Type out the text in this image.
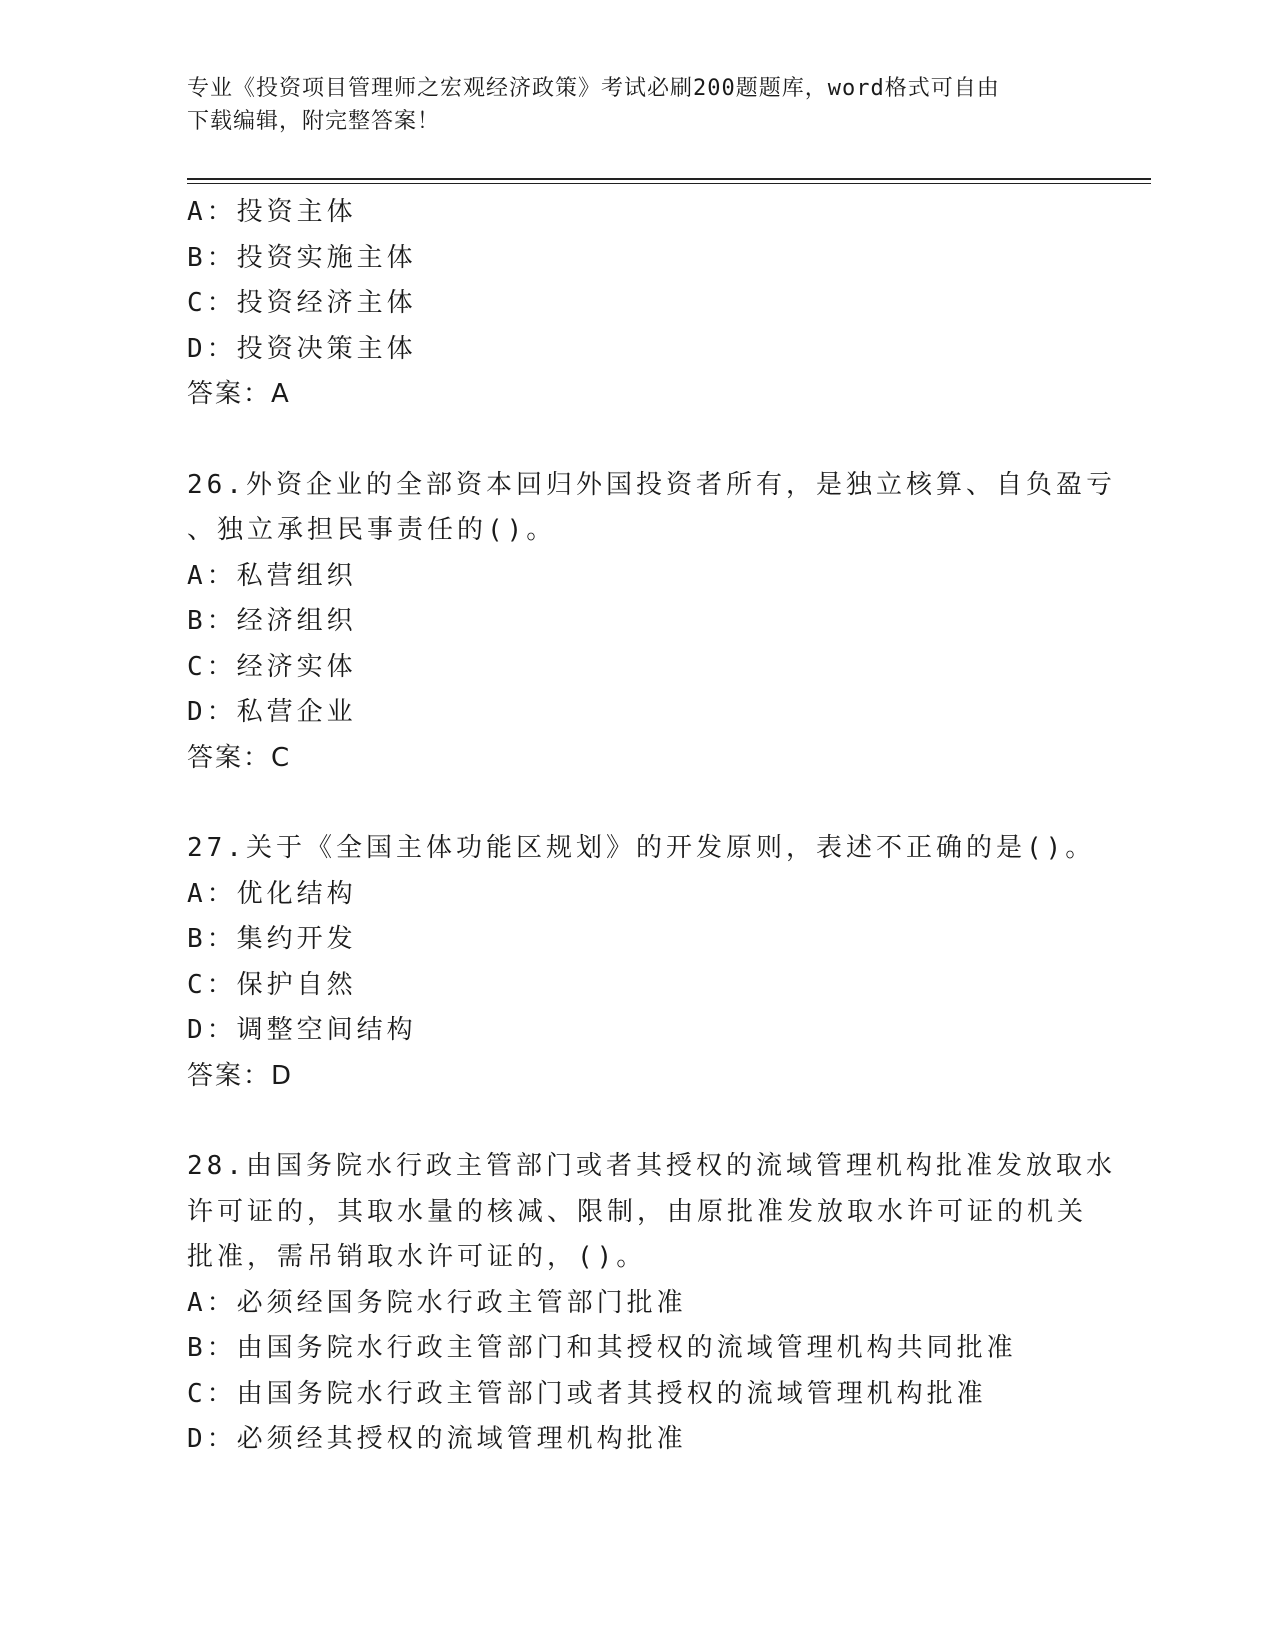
专业《投资项目管理师之宏观经济政策》考试必刷200题题库，word格式可自由
下载编辑，附完整答案！
A：投资主体
B：投资实施主体
C：投资经济主体
D：投资决策主体
答案：A
26.外资企业的全部资本回归外国投资者所有，是独立核算、自负盈亏
、独立承担民事责任的()。
A：私营组织
B：经济组织
C：经济实体
D：私营企业
答案：C
27.关于《全国主体功能区规划》的开发原则，表述不正确的是()。
A：优化结构
B：集约开发
C：保护自然
D：调整空间结构
答案：D
28.由国务院水行政主管部门或者其授权的流域管理机构批准发放取水
许可证的，其取水量的核减、限制，由原批准发放取水许可证的机关
批准，需吊销取水许可证的，()。
A：必须经国务院水行政主管部门批准
B：由国务院水行政主管部门和其授权的流域管理机构共同批准
C：由国务院水行政主管部门或者其授权的流域管理机构批准
D：必须经其授权的流域管理机构批准
